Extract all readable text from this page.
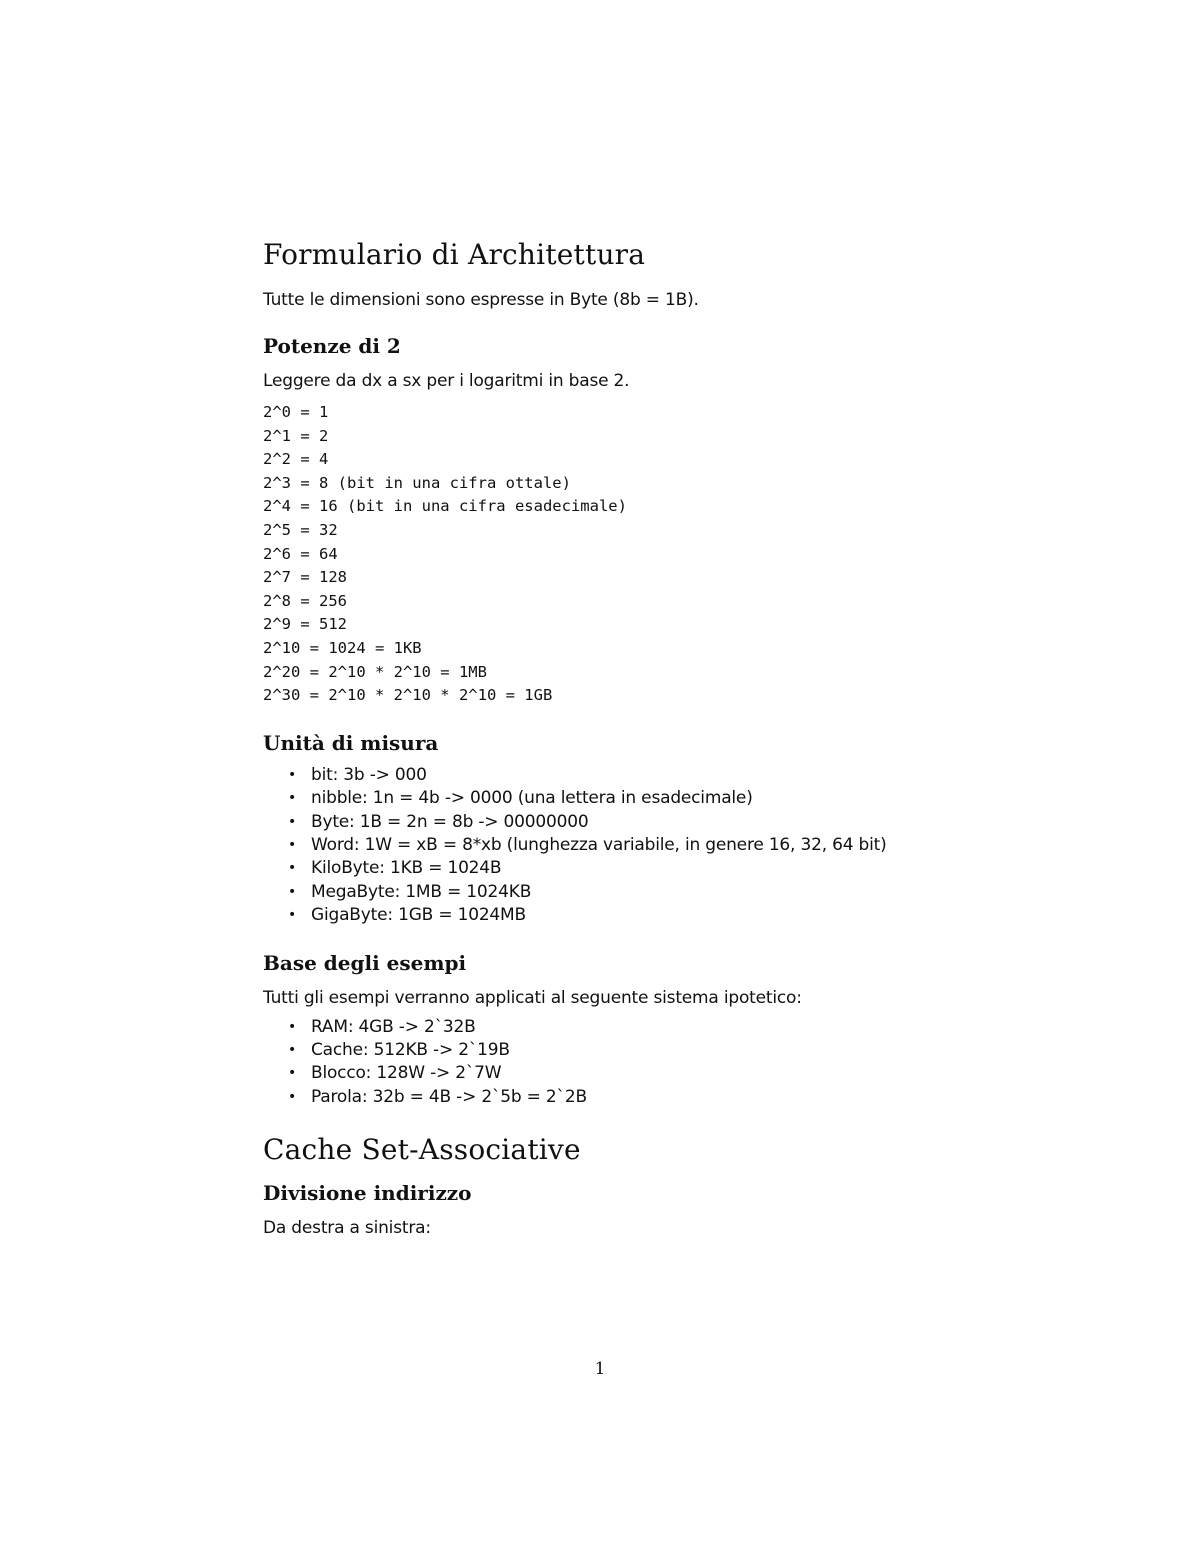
Formulario di Architettura

Tutte le dimensioni sono espresse in Byte (8b = 1B).

Potenze di 2

Leggere da dx a sx per i logaritmi in base 2.

2^0 = 1
2^1 = 2
2^2 = 4
2^3 = 8 (bit in una cifra ottale)
2^4 = 16 (bit in una cifra esadecimale)
2^5 = 32
2^6 = 64
2^7 = 128
2^8 = 256
2^9 = 512
2^10 = 1024 = 1KB
2^20 = 2^10 * 2^10 = 1MB
2^30 = 2^10 * 2^10 * 2^10 = 1GB
Unità di misura
• bit: 3b -> 000
• nibble: 1n = 4b -> 0000 (una lettera in esadecimale)
• Byte: 1B = 2n = 8b -> 00000000
• Word: 1W = xB = 8*xb (lunghezza variabile, in genere 16, 32, 64 bit)
• KiloByte: 1KB = 1024B
• MegaByte: 1MB = 1024KB
• GigaByte: 1GB = 1024MB
Base degli esempi

Tutti gli esempi verranno applicati al seguente sistema ipotetico:

• RAM: 4GB -> 2`32B
• Cache: 512KB -> 2`19B
• Blocco: 128W -> 2`7W
• Parola: 32b = 4B -> 2`5b = 2`2B
Cache Set-Associative
Divisione indirizzo

Da destra a sinistra:

1
